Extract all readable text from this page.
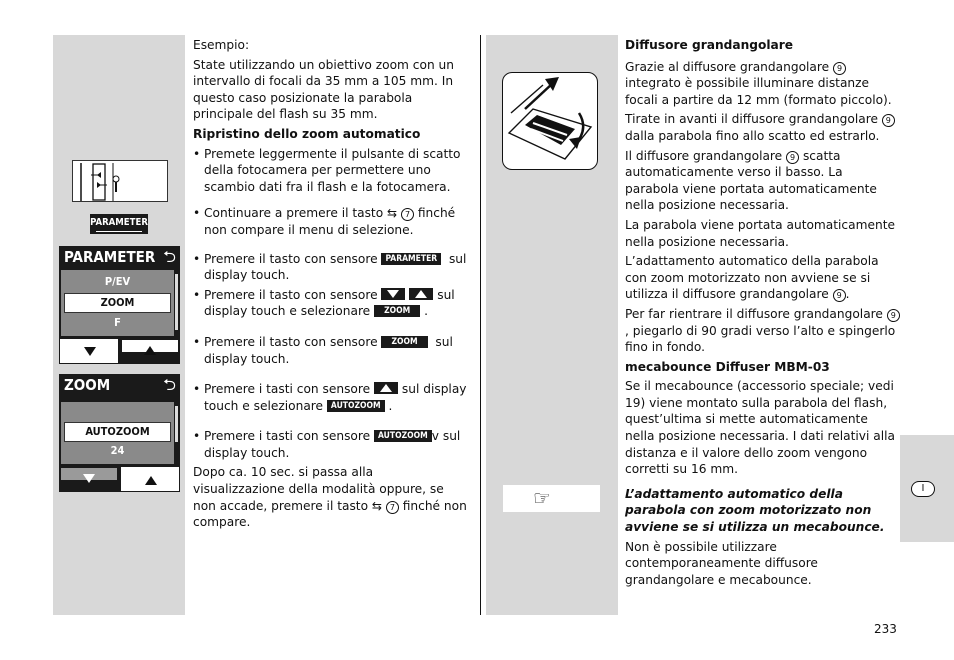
I
PARAMETER
PARAMETER ⮌
P/EV
ZOOM
F
ZOOM	⮌
AUTOZOOM
24

Esempio:

State utilizzando un obiettivo zoom con un intervallo di focali da 35 mm a 105 mm. In questo caso posizionate la parabola principale del flash su 35 mm.

Ripristino dello zoom automatico

• Premete leggermente il pulsante di scatto della fotocamera per permettere uno scambio dati fra il flash e la fotocamera.

• Continuare a premere il tasto ⇆ 7 finché non compare il menu di selezione.

• Premere il tasto con sensore PARAMETER sul display touch.

• Premere il tasto con sensore	sul display touch e selezionare ZOOM .

• Premere il tasto con sensore ZOOM sul display touch.

• Premere i tasti con sensore	sul display touch e selezionare AUTOZOOM .

• Premere i tasti con sensore AUTOZOOM v sul display touch.

Dopo ca. 10 sec. si passa alla visualizzazione della modalità oppure, se non accade, premere il tasto ⇆ 7 finché non compare.

☞

Diffusore grandangolare

Grazie al diffusore grandangolare 9 integrato è possibile illuminare distanze focali a partire da 12 mm (formato piccolo).

Tirate in avanti il diffusore grandangolare 9 dalla parabola fino allo scatto ed estrarlo.

Il diffusore grandangolare 9 scatta automaticamente verso il basso. La parabola viene portata automaticamente nella posizione necessaria.

La parabola viene portata automaticamente nella posizione necessaria.

L’adattamento automatico della parabola con zoom motorizzato non avviene se si utilizza il diffusore grandangolare 9 .

Per far rientrare il diffusore grandangolare 9, piegarlo di 90 gradi verso l’alto e spingerlo fino in fondo.

mecabounce Diffuser MBM-03

Se il mecabounce (accessorio speciale; vedi 19) viene montato sulla parabola del flash, quest’ultima si mette automaticamente nella posizione necessaria. I dati relativi alla distanza e il valore dello zoom vengono corretti su 16 mm.

L’adattamento automatico della parabola con zoom motorizzato non avviene se si utilizza un mecabounce.

Non è possibile utilizzare contemporaneamente diffusore grandangolare e mecabounce.

233
